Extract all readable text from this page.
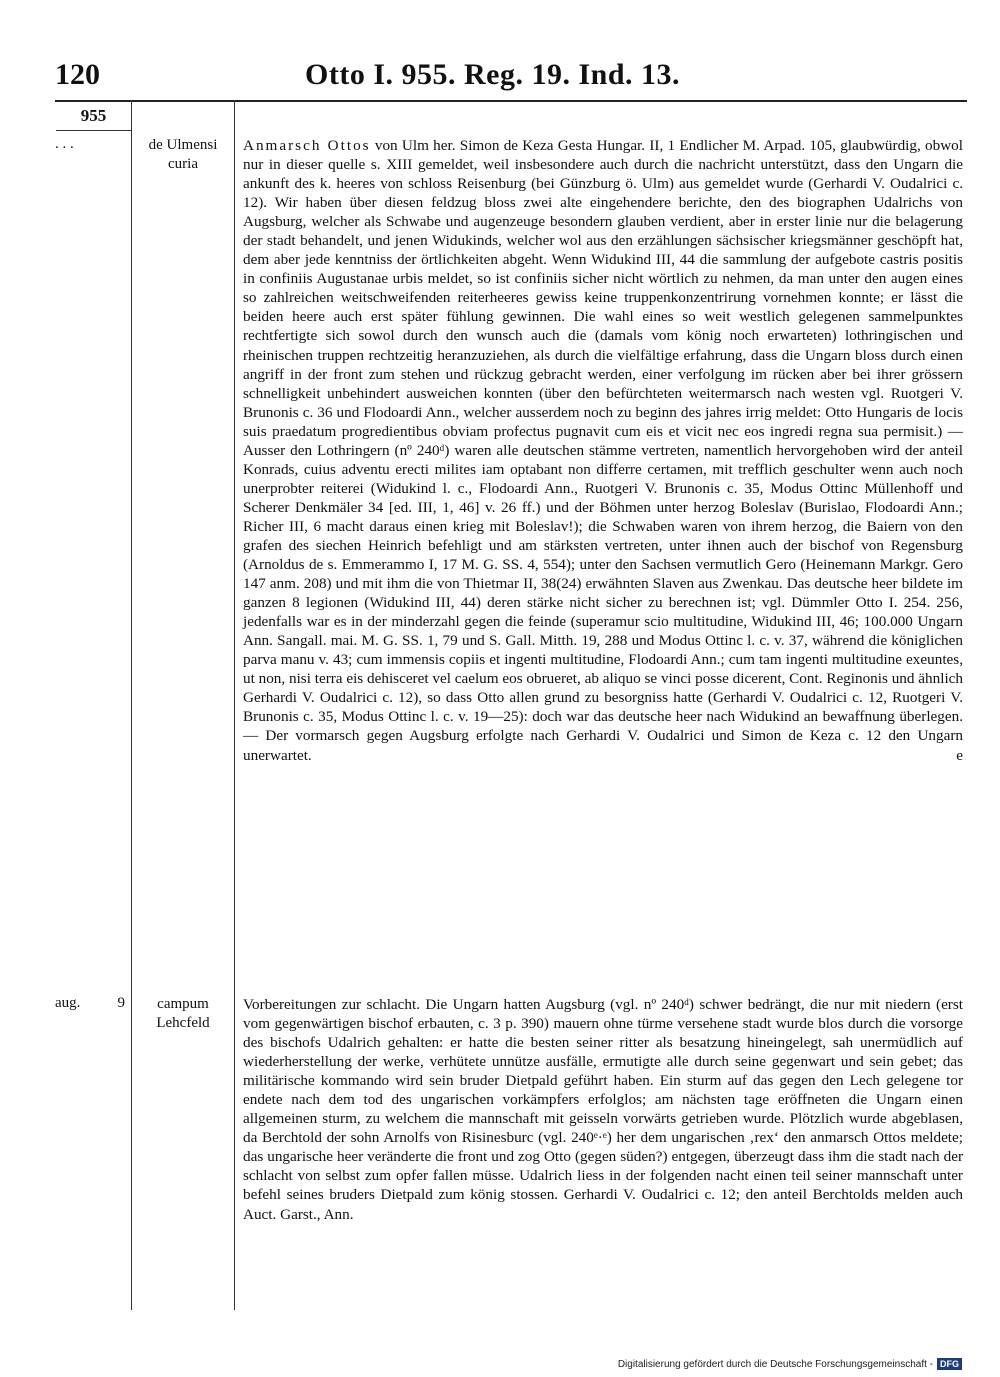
120	Otto I. 955. Reg. 19. Ind. 13.
955
. . .	de Ulmensi curia
Anmarsch Ottos von Ulm her. Simon de Keza Gesta Hungar. II, 1 Endlicher M. Arpad. 105, glaubwürdig, obwol nur in dieser quelle s. XIII gemeldet, weil insbesondere auch durch die nachricht unterstützt, dass den Ungarn die ankunft des k. heeres von schloss Reisenburg (bei Günzburg ö. Ulm) aus gemeldet wurde (Gerhardi V. Oudalrici c. 12). Wir haben über diesen feldzug bloss zwei alte eingehendere berichte, den des biographen Udalrichs von Augsburg, welcher als Schwabe und augenzeuge besondern glauben verdient, aber in erster linie nur die belagerung der stadt behandelt, und jenen Widukinds, welcher wol aus den erzählungen sächsischer kriegsmänner geschöpft hat, dem aber jede kenntniss der örtlichkeiten abgeht. Wenn Widukind III, 44 die sammlung der aufgebote castris positis in confiniis Augustanae urbis meldet, so ist confiniis sicher nicht wörtlich zu nehmen, da man unter den augen eines so zahlreichen weitschweifenden reiterheeres gewiss keine truppenkonzentrirung vornehmen konnte; er lässt die beiden heere auch erst später fühlung gewinnen. Die wahl eines so weit westlich gelegenen sammelpunktes rechtfertigte sich sowol durch den wunsch auch die (damals vom könig noch erwarteten) lothringischen und rheinischen truppen rechtzeitig heranzuziehen, als durch die vielfältige erfahrung, dass die Ungarn bloss durch einen angriff in der front zum stehen und rückzug gebracht werden, einer verfolgung im rücken aber bei ihrer grössern schnelligkeit unbehindert ausweichen konnten (über den befürchteten weitermarsch nach westen vgl. Ruotgeri V. Brunonis c. 36 und Flodoardi Ann., welcher ausserdem noch zu beginn des jahres irrig meldet: Otto Hungaris de locis suis praedatum progredientibus obviam profectus pugnavit cum eis et vicit nec eos ingredi regna sua permisit.) — Ausser den Lothringern (nº 240ᵈ) waren alle deutschen stämme vertreten, namentlich hervorgehoben wird der anteil Konrads, cuius adventu erecti milites iam optabant non differre certamen, mit trefflich geschulter wenn auch noch unerprobter reiterei (Widukind l. c., Flodoardi Ann., Ruotgeri V. Brunonis c. 35, Modus Ottinc Müllenhoff und Scherer Denkmäler 34 [ed. III, 1, 46] v. 26 ff.) und der Böhmen unter herzog Boleslav (Burislao, Flodoardi Ann.; Richer III, 6 macht daraus einen krieg mit Boleslav!); die Schwaben waren von ihrem herzog, die Baiern von den grafen des siechen Heinrich befehligt und am stärksten vertreten, unter ihnen auch der bischof von Regensburg (Arnoldus de s. Emmerammo I, 17 M. G. SS. 4, 554); unter den Sachsen vermutlich Gero (Heinemann Markgr. Gero 147 anm. 208) und mit ihm die von Thietmar II, 38(24) erwähnten Slaven aus Zwenkau. Das deutsche heer bildete im ganzen 8 legionen (Widukind III, 44) deren stärke nicht sicher zu berechnen ist; vgl. Dümmler Otto I. 254. 256, jedenfalls war es in der minderzahl gegen die feinde (superamur scio multitudine, Widukind III, 46; 100.000 Ungarn Ann. Sangall. mai. M. G. SS. 1, 79 und S. Gall. Mitth. 19, 288 und Modus Ottinc l. c. v. 37, während die königlichen parva manu v. 43; cum immensis copiis et ingenti multitudine, Flodoardi Ann.; cum tam ingenti multitudine exeuntes, ut non, nisi terra eis dehisceret vel caelum eos obrueret, ab aliquo se vinci posse dicerent, Cont. Reginonis und ähnlich Gerhardi V. Oudalrici c. 12), so dass Otto allen grund zu besorgniss hatte (Gerhardi V. Oudalrici c. 12, Ruotgeri V. Brunonis c. 35, Modus Ottinc l. c. v. 19—25): doch war das deutsche heer nach Widukind an bewaffnung überlegen. — Der vormarsch gegen Augsburg erfolgte nach Gerhardi V. Oudalrici und Simon de Keza c. 12 den Ungarn unerwartet.	e
aug. 9	campum Lehcfeld
Vorbereitungen zur schlacht. Die Ungarn hatten Augsburg (vgl. nº 240ᵈ) schwer bedrängt, die nur mit niedern (erst vom gegenwärtigen bischof erbauten, c. 3 p. 390) mauern ohne türme versehene stadt wurde blos durch die vorsorge des bischofs Udalrich gehalten: er hatte die besten seiner ritter als besatzung hineingelegt, sah unermüdlich auf wiederherstellung der werke, verhütete unnütze ausfälle, ermutigte alle durch seine gegenwart und sein gebet; das militärische kommando wird sein bruder Dietpald geführt haben. Ein sturm auf das gegen den Lech gelegene tor endete nach dem tod des ungarischen vorkämpfers erfolglos; am nächsten tage eröffneten die Ungarn einen allgemeinen sturm, zu welchem die mannschaft mit geisseln vorwärts getrieben wurde. Plötzlich wurde abgeblasen, da Berchtold der sohn Arnolfs von Risinesburc (vgl. 240ᵉ·ᵉ) her dem ungarischen ‚rex‘ den anmarsch Ottos meldete; das ungarische heer veränderte die front und zog Otto (gegen süden?) entgegen, überzeugt dass ihm die stadt nach der schlacht von selbst zum opfer fallen müsse. Udalrich liess in der folgenden nacht einen teil seiner mannschaft unter befehl seines bruders Dietpald zum könig stossen. Gerhardi V. Oudalrici c. 12; den anteil Berchtolds melden auch Auct. Garst., Ann.
Digitalisierung gefördert durch die Deutsche Forschungsgemeinschaft - DFG
